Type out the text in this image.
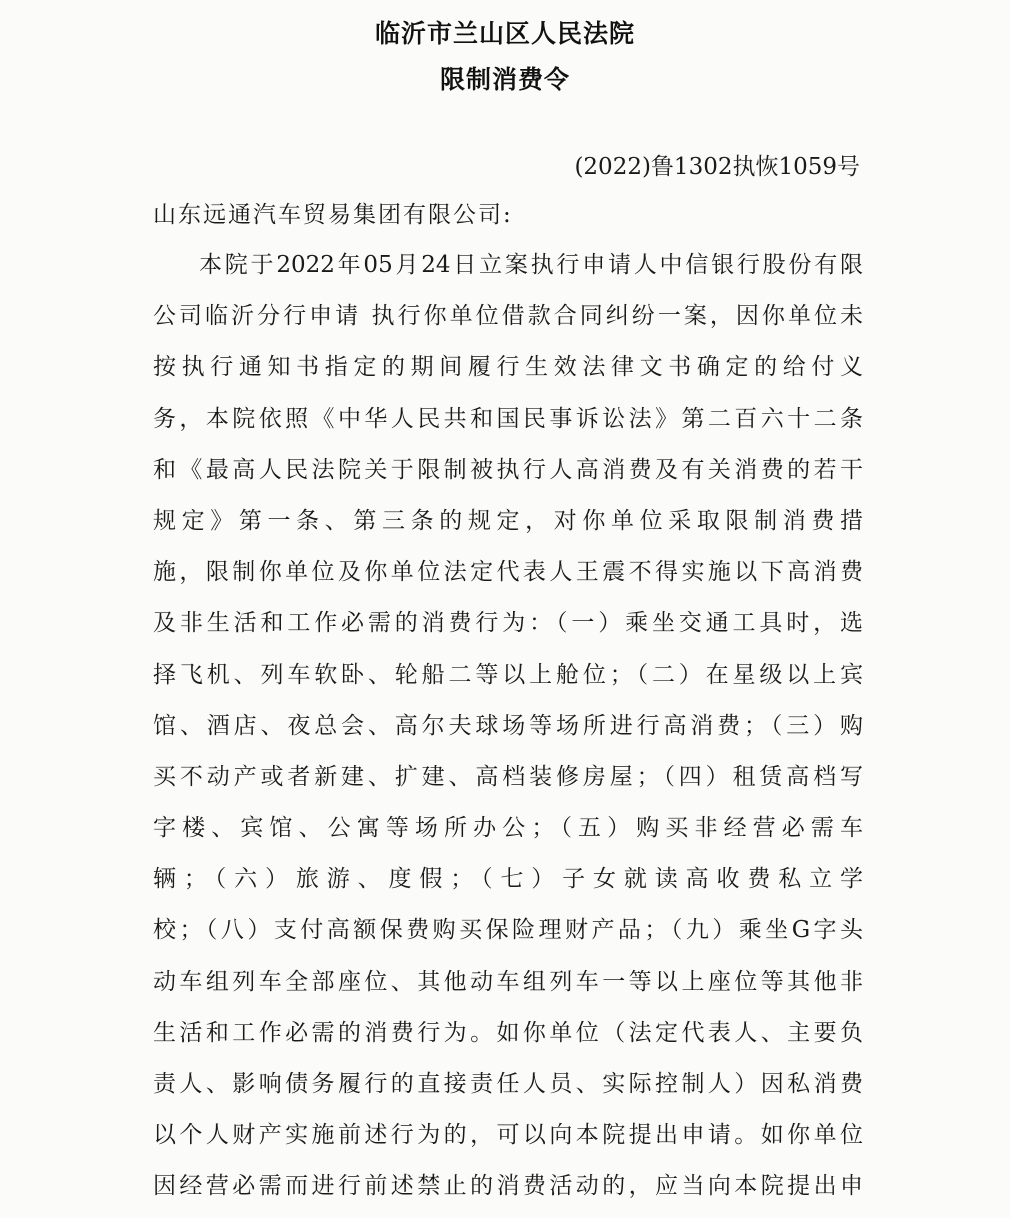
临沂市兰山区人民法院
限制消费令
(2022)鲁1302执恢1059号
山东远通汽车贸易集团有限公司:
本院于2022年05月24日立案执行申请人中信银行股份有限
公司临沂分行申请 执行你单位借款合同纠纷一案，因你单位未
按执行通知书指定的期间履行生效法律文书确定的给付义
务，本院依照《中华人民共和国民事诉讼法》第二百六十二条
和《最高人民法院关于限制被执行人高消费及有关消费的若干
规定》第一条、第三条的规定，对你单位采取限制消费措
施，限制你单位及你单位法定代表人王震不得实施以下高消费
及非生活和工作必需的消费行为：（一）乘坐交通工具时，选
择飞机、列车软卧、轮船二等以上舱位；（二）在星级以上宾
馆、酒店、夜总会、高尔夫球场等场所进行高消费；（三）购
买不动产或者新建、扩建、高档装修房屋；（四）租赁高档写
字楼、宾馆、公寓等场所办公；（五）购买非经营必需车
辆；（六）旅游、度假；（七）子女就读高收费私立学
校；（八）支付高额保费购买保险理财产品；（九）乘坐G字头
动车组列车全部座位、其他动车组列车一等以上座位等其他非
生活和工作必需的消费行为。如你单位（法定代表人、主要负
责人、影响债务履行的直接责任人员、实际控制人）因私消费
以个人财产实施前述行为的，可以向本院提出申请。如你单位
因经营必需而进行前述禁止的消费活动的，应当向本院提出申
